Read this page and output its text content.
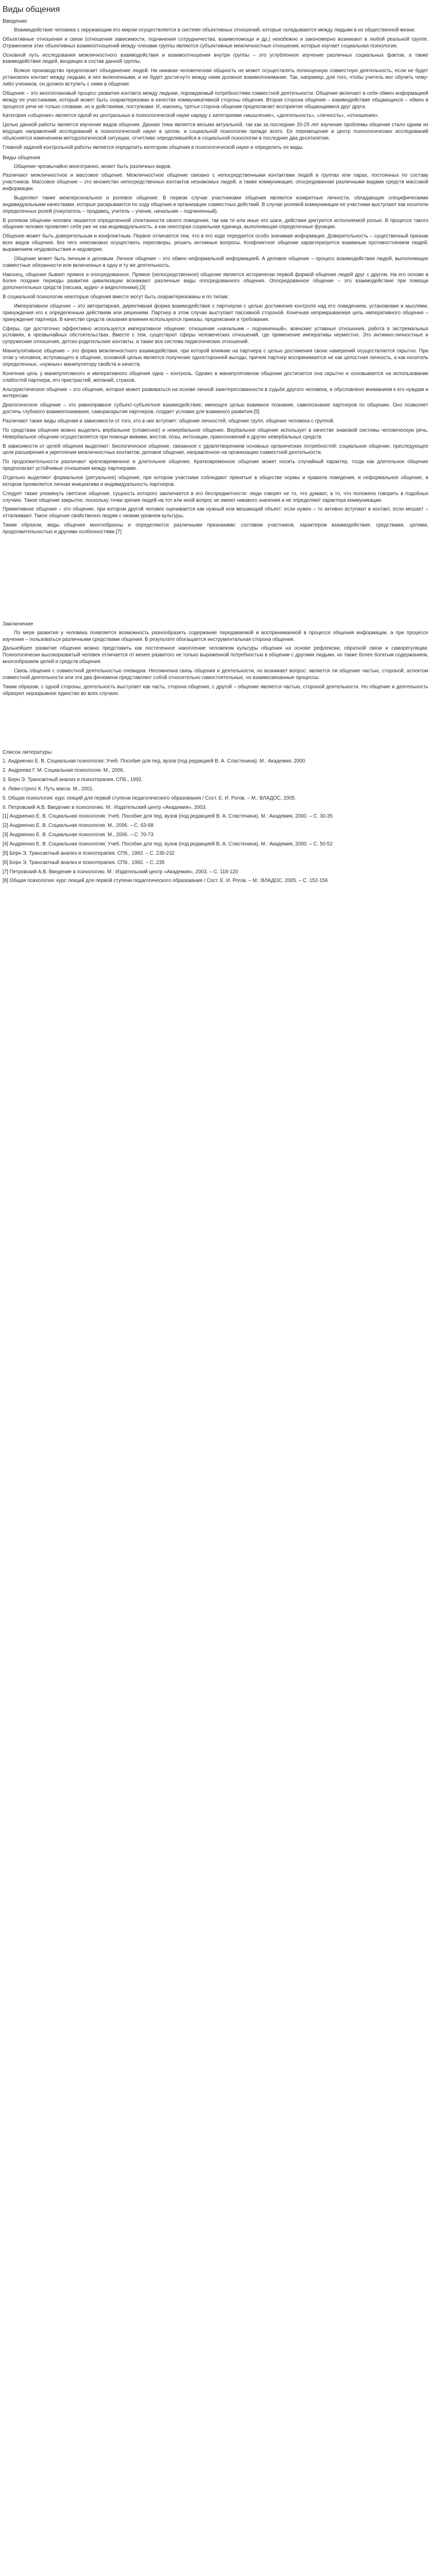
Виды общения
Введение

Взаимодействие человека с окружающим его миром осуществляется в системе объективных отношений, которые складываются между людьми в их общественной жизни.

Объективные отношения и связи (отношения зависимости, подчинения сотрудничества, взаимопомощи и др.) неизбежно и закономерно возникают в любой реальной группе. Отражением этих объективных взаимоотношений между членами группы являются субъективные межличностные отношения, которые изучает социальная психология.

Основной путь исследования межличностного взаимодействия и взаимоотношения внутри группы – это углубленное изучение различных социальных фактов, а также взаимодействия людей, входящих в состав данной группы.

Всякое производство предполагает объединение людей. Ни никакая человеческая общность не может осуществлять полноценную совместную деятельность, если не будет установлен контакт между людьми, в нее включенными, и не будет достигнуто между ними должное взаимопонимание. Так, например, для того, чтобы учитель мог обучить чему-либо учеников, он должен вступить с ними в общение.

Общение – это многоплановый процесс развития контакта между людьми, порождаемый потребностями совместной деятельности. Общение включает в себя обмен информацией между ее участниками, который может быть охарактеризован в качестве коммуникативной стороны общения. Вторая сторона общения – взаимодействие общающихся – обмен в процессе речи не только словами, но и действиями, поступками. И, наконец, третья сторона общения предполагает восприятие общающимися друг друга.

Категория «общение» является одной из центральных в психологической науке наряду с категориями «мышление», «деятельность», «личность», «отношения».

Целью данной работы является изучение видов общения. Данная тема является весьма актуальной, так как за последние 20-25 лет изучение проблемы общения стало одним из ведущих направлений исследований в психологической науке в целом, и социальной психологии прежде всего. Ее перемещение в центр психологических исследований объясняется изменением методологической ситуации, отчетливо определившейся в социальной психологии в последние два десятилетия.

Главной задачей контрольной работы является определить категорию общения в психологической науке и определить ее виды.

Виды общения

Общение чрезвычайно многогранно, может быть различных видов.

Различают межличностное и массовое общение. Межличностное общение связано с непосредственными контактами людей в группах или парах, постоянных по составу участников. Массовое общение – это множество непосредственных контактов незнакомых людей, а также коммуникация, опосредованная различными видами средств массовой информации.

Выделяют также межперсональное и ролевое общение. В первом случае участниками общения являются конкретные личности, обладающие специфическими индивидуальными качествами, которые раскрываются по ходу общения и организации совместных действий. В случае ролевой коммуникации ее участники выступают как носители определенных ролей (покупатель – продавец, учитель – ученик, начальник – подчиненный).

В ролевом общении человек лишается определенной спонтанности своего поведения, так как те или иные его шаги, действия диктуются исполняемой ролью. В процессе такого общения человек проявляет себя уже не как индивидуальность, а как некоторая социальная единица, выполняющая определенные функции.

Общение может быть доверительным и конфликтным. Первое отличается тем, что в его ходе передается особо значимая информация. Доверительность – существенный признак всех видов общения, без чего невозможно осуществить переговоры, решить интимные вопросы. Конфликтное общение характеризуется взаимным противостоянием людей, выражением неудовольствия и недоверия.

Общение может быть личным и деловым. Личное общение – это обмен неформальной информацией. А деловое общение – процесс взаимодействия людей, выполняющих совместные обязанности или включенных в одну и ту же деятельность.

Наконец, общение бывает прямое и опосредованное. Прямое (непосредственное) общение является исторически первой формой общения людей друг с другом. На его основе в более поздние периоды развития цивилизации возникают различные виды опосредованного общения. Опосредованное общение – это взаимодействие при помощи дополнительных средств (письма, аудио- и видеотехники).[3]

В социальной психологии некоторые общения вместе могут быть охарактеризованы и по типам:

Императивное общение – это авторитарная, директивная форма взаимодействия с партнером с целью достижения контроля над его поведением, установками и мыслями, принуждения его к определенным действиям или решениям. Партнер в этом случае выступает пассивной стороной. Конечная неприкрываемая цель императивного общения – принуждение партнера. В качестве средств оказания влияния используются приказы, предписания и требования.

Сферы, где достаточно эффективно используется императивное общение: отношения «начальник – подчиненный», воинские уставные отношения, работа в экстремальных условиях, в чрезвычайных обстоятельствах. Вместе с тем, существуют сферы человеческих отношений, где применение императивы неуместно. Это интимно-личностные и супружеские отношения, детско-родительские контакты, а также вся система педагогических отношений.

Манипулятивное общение – это форма межличностного взаимодействия, при которой влияние на партнера с целью достижения своих намерений осуществляется скрытно. При этом у человека, вступающего в общение, основной целью является получение односторонней выгоды, причем партнер воспринимается не как целостная личность, а как носитель определенных, «нужных» манипулятору свойств и качеств.

Конечная цель у манипулятивного и императивного общения одна – контроль. Однако в манипулятивном общении достигается она скрытно и основывается на использовании слабостей партнера, его пристрастий, желаний, страхов.

Альтруистическое общение – это общение, которое может развиваться на основе личной заинтересованности в судьбе другого человека, и обусловлено вниманием к его нуждам и интересам.

Диалогическое общение – это равноправное субъект-субъектное взаимодействие, имеющее целью взаимное познание, самопознание партнеров по общению. Оно позволяет достичь глубокого взаимопонимания, самораскрытия партнеров, создает условия для взаимного развития.[5]

Различают также виды общения в зависимости от того, кто в них вступает: общение личностей, общение групп, общение человека с группой.

По средствам общения можно выделить вербальное (словесное) и невербальное общение. Вербальное общение использует в качестве знаковой системы человеческую речь. Невербальное общение осуществляется при помощи мимики, жестов, позы, интонации, прикосновений и других невербальных средств.

В зависимости от целей общения выделяют: биологическое общение, связанное с удовлетворением основных органических потребностей; социальное общение, преследующее цели расширения и укрепления межличностных контактов; деловое общение, направленное на организацию совместной деятельности.

По продолжительности различают кратковременное и длительное общение. Кратковременное общение может носить случайный характер, тогда как длительное общение предполагает устойчивые отношения между партнерами.

Отдельно выделяют формальное (ритуальное) общение, при котором участники соблюдают принятые в обществе нормы и правила поведения, и неформальное общение, в котором проявляется личная инициатива и индивидуальность партнеров.

Следует также упомянуть светское общение, сущность которого заключается в его беспредметности: люди говорят не то, что думают, а то, что положено говорить в подобных случаях. Такое общение закрытое, поскольку точки зрения людей на тот или иной вопрос не имеют никакого значения и не определяют характера коммуникации.

Примитивное общение – это общение, при котором другой человек оценивается как нужный или мешающий объект: если нужен – то активно вступают в контакт, если мешает – отталкивают. Такое общение свойственно людям с низким уровнем культуры.

Таким образом, виды общения многообразны и определяются различными признаками: составом участников, характером взаимодействия, средствами, целями, продолжительностью и другими особенностями.[7]

Заключение

По мере развития у человека появляется возможность разнообразить содержание передаваемой и воспринимаемой в процессе общения информации, а при процессе изучения – пользоваться различными средствами общения. В результате обогащается инструментальная сторона общения.

Дальнейшее развитие общения можно представить как постепенное накопление человеком культуры общения на основе рефлексии, обратной связи и саморегуляции. Психологически высокоразвитый человек отличается от менее развитого не только выраженной потребностью в общении с другими людьми, но также более богатым содержанием, многообразием целей и средств общения.

Связь общения с совместной деятельностью очевидна. Несомненна связь общения и деятельности, но возникает вопрос: является ли общение частью, стороной, аспектом совместной деятельности или эти два феномена представляют собой относительно самостоятельные, но взаимосвязанные процессы.

Таким образом, с одной стороны, деятельность выступает как часть, сторона общения, с другой – общение является частью, стороной деятельности. Но общение и деятельность образуют неразрывное единство во всех случаях.

Список литературы
1. Андриенко Е. В. Социальная психология: Учеб. Пособие для пед. вузов (под редакцией В. А. Сластенина). М.: Академия, 2000.
2. Андреева Г. М. Социальная психология. М., 2006.
3. Берн Э. Трансактный анализ и психотерапия. СПб., 1992.
4. Леви-стросс К. Путь масок. М., 2001.
5. Общая психология: курс лекций для первой ступени педагогического образования / Сост. Е. И. Рогов. – М.: ВЛАДОС, 2005.
6. Петровский А.В. Введение в психологию. М.: Издательский центр «Академия», 2003.
[1] Андриенко Е. В. Социальная психология: Учеб. Пособие для пед. вузов (под редакцией В. А. Сластенина). М.: Академия, 2000. – С. 30-35
[2] Андриенко Е. В. Социальная психология. М., 2006. – С. 63-68
[3] Андриенко Е. В. Социальная психология. М., 2006. – С. 70-73
[4] Андриенко Е. В. Социальная психология: Учеб. Пособие для пед. вузов (под редакцией В. А. Сластенина). М.: Академия, 2000. – С. 50-52
[5] Берн Э. Трансактный анализ и психотерапия. СПб., 1992. – С. 230-232
[6] Берн Э. Трансактный анализ и психотерапия. СПб., 1992. – С. 235
[7] Петровский А.В. Введение в психологию. М.: Издательский центр «Академия», 2003. – С. 118-120
[8] Общая психология: курс лекций для первой ступени педагогического образования / Сост. Е. И. Рогов. – М.: ВЛАДОС, 2005. – С. 152-156
